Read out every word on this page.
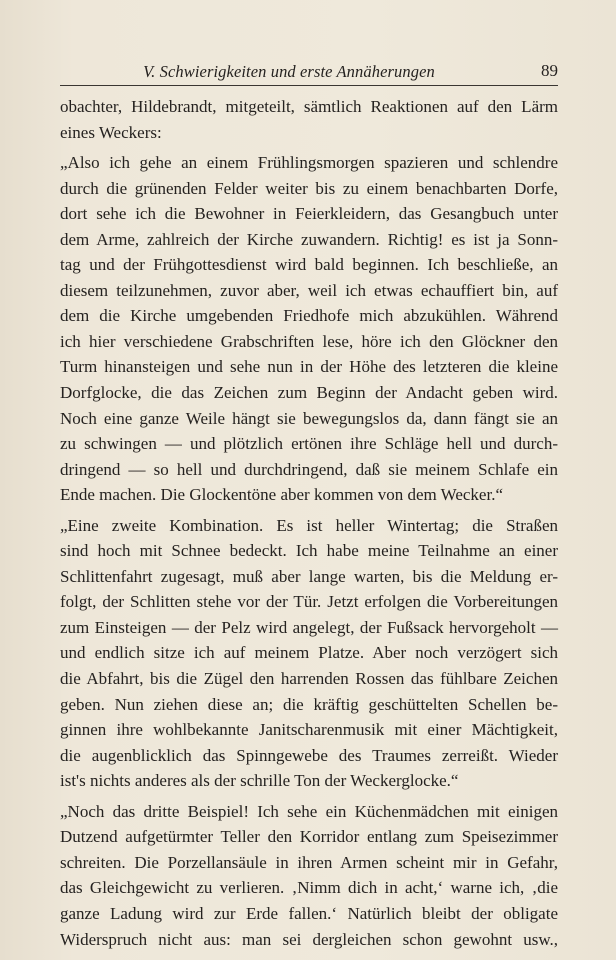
V. Schwierigkeiten und erste Annäherungen	89
obachter, Hildebrandt, mitgeteilt, sämtlich Reaktionen auf den Lärm
eines Weckers:
„Also ich gehe an einem Frühlingsmorgen spazieren und schlendre
durch die grünenden Felder weiter bis zu einem benachbarten Dorfe,
dort sehe ich die Bewohner in Feierkleidern, das Gesangbuch unter
dem Arme, zahlreich der Kirche zuwandern. Richtig! es ist ja Sonn-
tag und der Frühgottesdienst wird bald beginnen. Ich beschließe, an
diesem teilzunehmen, zuvor aber, weil ich etwas echauffiert bin, auf
dem die Kirche umgebenden Friedhofe mich abzukühlen. Während
ich hier verschiedene Grabschriften lese, höre ich den Glöckner den
Turm hinansteigen und sehe nun in der Höhe des letzteren die kleine
Dorfglocke, die das Zeichen zum Beginn der Andacht geben wird.
Noch eine ganze Weile hängt sie bewegungslos da, dann fängt sie an
zu schwingen — und plötzlich ertönen ihre Schläge hell und durch-
dringend — so hell und durchdringend, daß sie meinem Schlafe ein
Ende machen. Die Glockentöne aber kommen von dem Wecker.“
„Eine zweite Kombination. Es ist heller Wintertag; die Straßen
sind hoch mit Schnee bedeckt. Ich habe meine Teilnahme an einer
Schlittenfahrt zugesagt, muß aber lange warten, bis die Meldung er-
folgt, der Schlitten stehe vor der Tür. Jetzt erfolgen die Vorbereitungen
zum Einsteigen — der Pelz wird angelegt, der Fußsack hervorgeholt —
und endlich sitze ich auf meinem Platze. Aber noch verzögert sich
die Abfahrt, bis die Zügel den harrenden Rossen das fühlbare Zeichen
geben. Nun ziehen diese an; die kräftig geschüttelten Schellen be-
ginnen ihre wohlbekannte Janitscharenmusik mit einer Mächtigkeit,
die augenblicklich das Spinngewebe des Traumes zerreißt. Wieder
ist's nichts anderes als der schrille Ton der Weckerglocke.“
„Noch das dritte Beispiel! Ich sehe ein Küchenmädchen mit einigen
Dutzend aufgetürmter Teller den Korridor entlang zum Speisezimmer
schreiten. Die Porzellansäule in ihren Armen scheint mir in Gefahr,
das Gleichgewicht zu verlieren. ‚Nimm dich in acht,‘ warne ich, ‚die
ganze Ladung wird zur Erde fallen.‘ Natürlich bleibt der obligate
Widerspruch nicht aus: man sei dergleichen schon gewohnt usw.,
